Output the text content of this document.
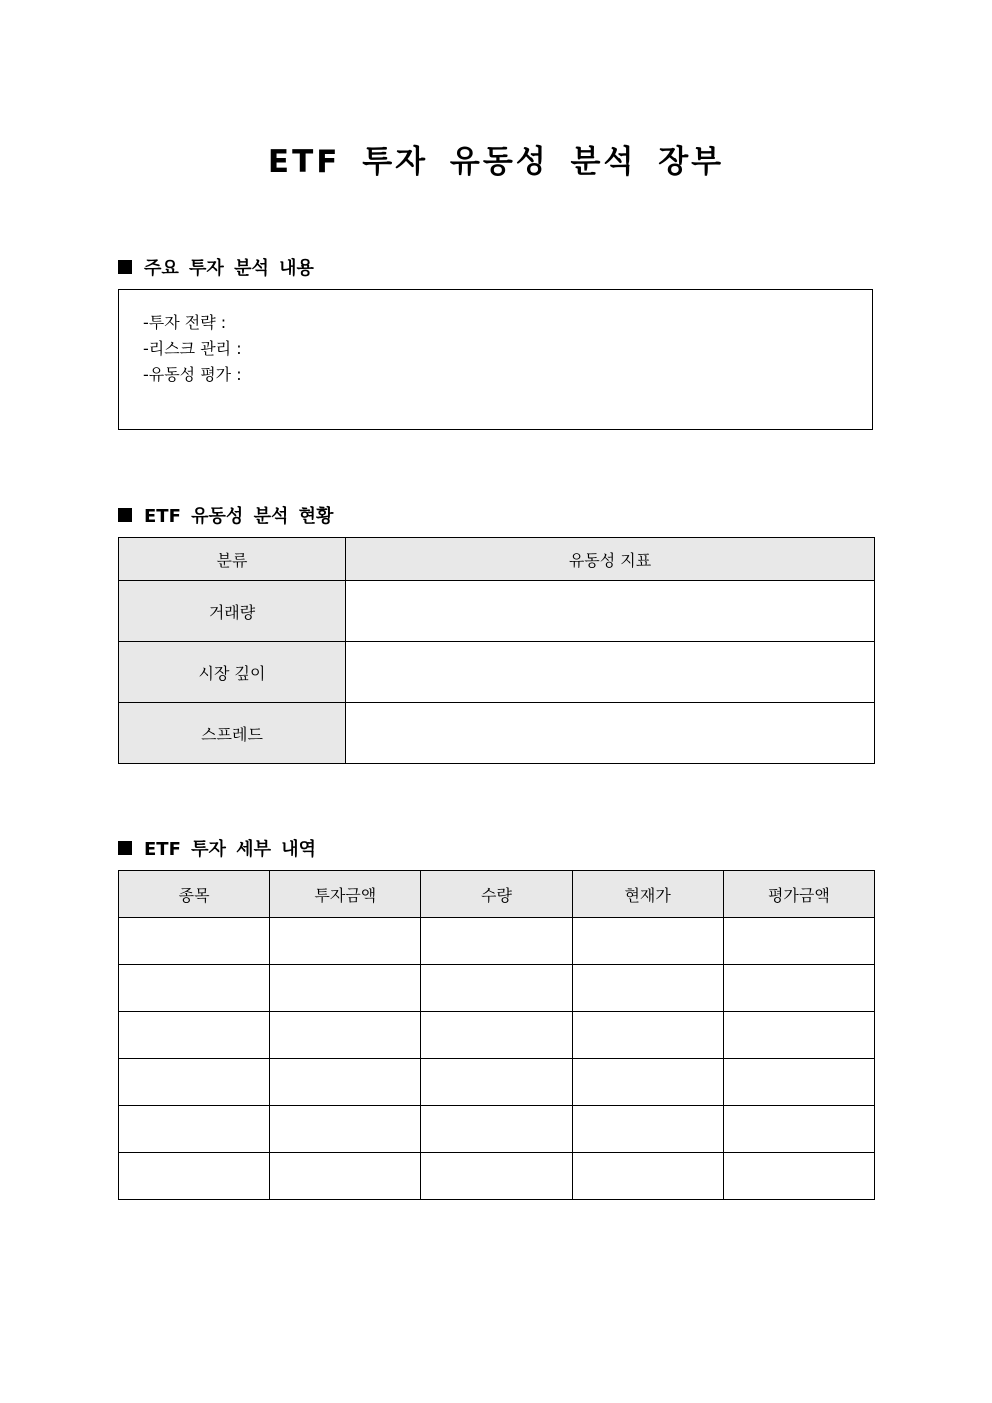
ETF 투자 유동성 분석 장부
주요 투자 분석 내용
-투자 전략 :
-리스크 관리 :
-유동성 평가 :
ETF 유동성 분석 현황
분류	유동성 지표
거래량	
시장 깊이	
스프레드	
ETF 투자 세부 내역
종목	투자금액	수량	현재가	평가금액
